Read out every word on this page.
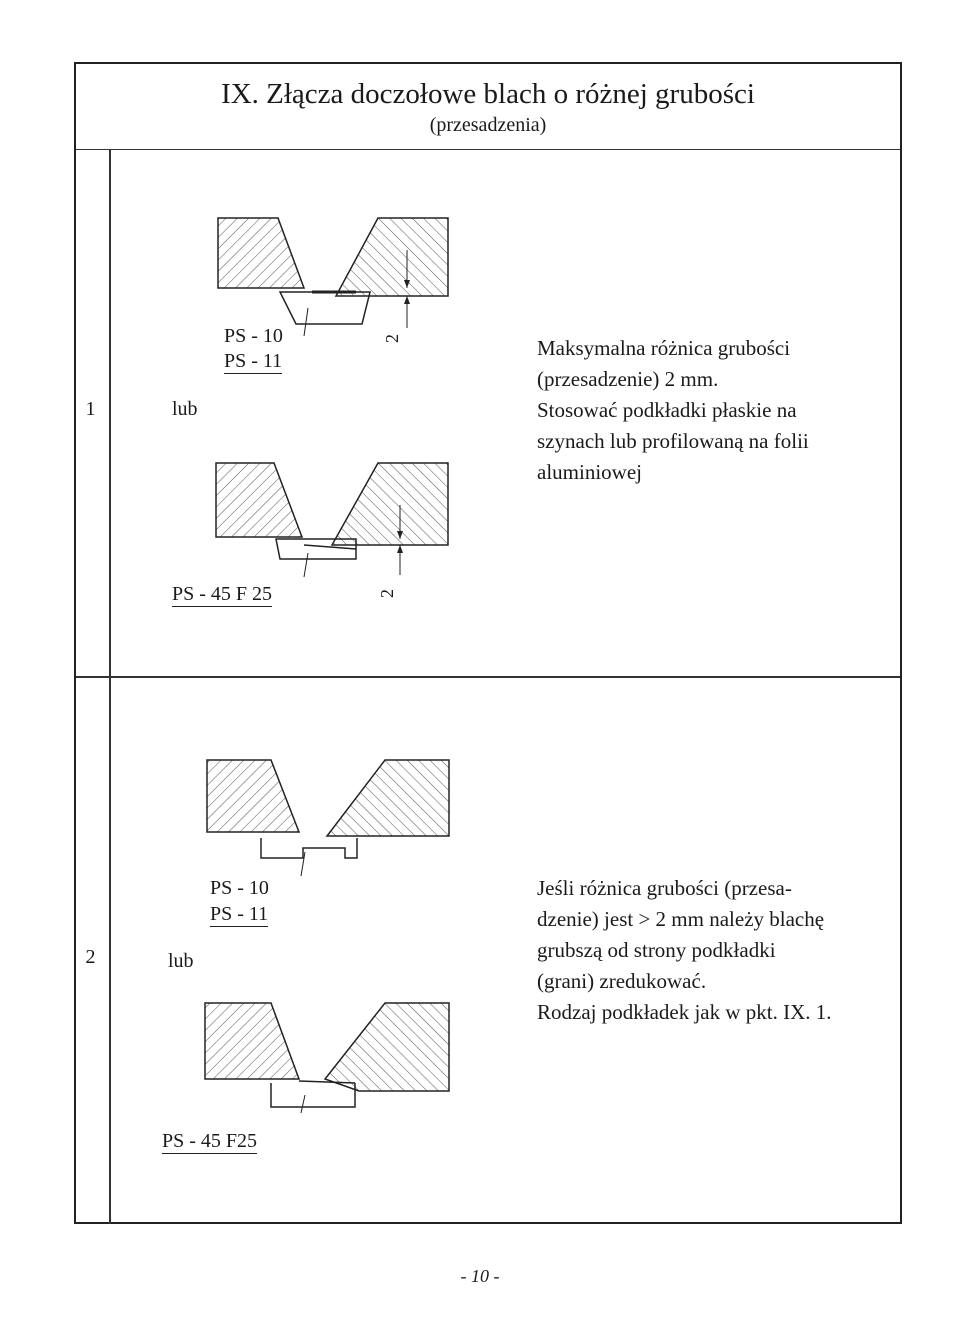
IX. Złącza doczołowe blach o różnej grubości
(przesadzenia)
1	lub
PS - 10
PS - 11
2
PS - 45 F 25	2
Maksymalna różnica grubości
(przesadzenie) 2 mm.
Stosować podkładki płaskie na
szynach lub profilowaną na folii
aluminiowej
2	lub
PS - 10
PS - 11
PS - 45 F25
Jeśli różnica grubości (przesa-
dzenie) jest > 2 mm należy blachę
grubszą od strony podkładki
(grani) zredukować.
Rodzaj podkładek jak w pkt. IX. 1.
- 10 -
